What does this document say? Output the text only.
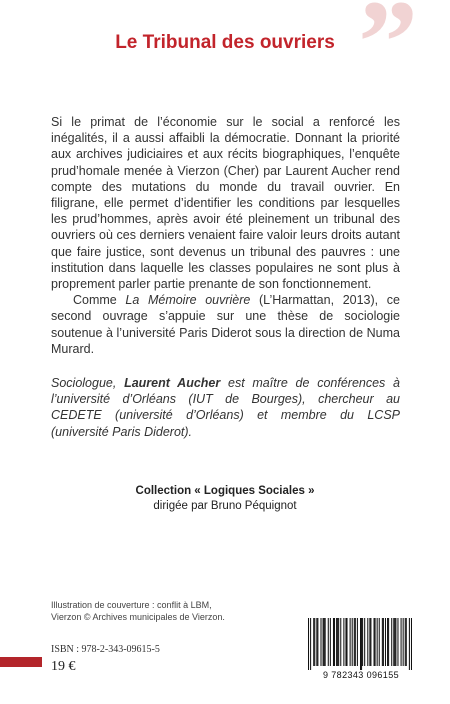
”
Le Tribunal des ouvriers

Si le primat de l’économie sur le social a renforcé les inégalités, il a aussi affaibli la démocratie. Donnant la priorité aux archives judiciaires et aux récits biographiques, l’enquête prud’homale menée à Vierzon (Cher) par Laurent Aucher rend compte des mutations du monde du travail ouvrier. En filigrane, elle permet d’identifier les conditions par lesquelles les prud’hommes, après avoir été pleinement un tribunal des ouvriers où ces derniers venaient faire valoir leurs droits autant que faire justice, sont devenus un tribunal des pauvres : une institution dans laquelle les classes populaires ne sont plus à proprement parler partie prenante de son fonctionnement.

Comme La Mémoire ouvrière (L’Harmattan, 2013), ce second ouvrage s’appuie sur une thèse de sociologie soutenue à l’université Paris Diderot sous la direction de Numa Murard.

Sociologue, Laurent Aucher est maître de conférences à l’université d’Orléans (IUT de Bourges), chercheur au CEDETE (université d’Orléans) et membre du LCSP (université Paris Diderot).

Collection « Logiques Sociales »
dirigée par Bruno Péquignot
Illustration de couverture : conflit à LBM,
Vierzon © Archives municipales de Vierzon.
ISBN : 978-2-343-09615-5
19 €
9 782343 096155
